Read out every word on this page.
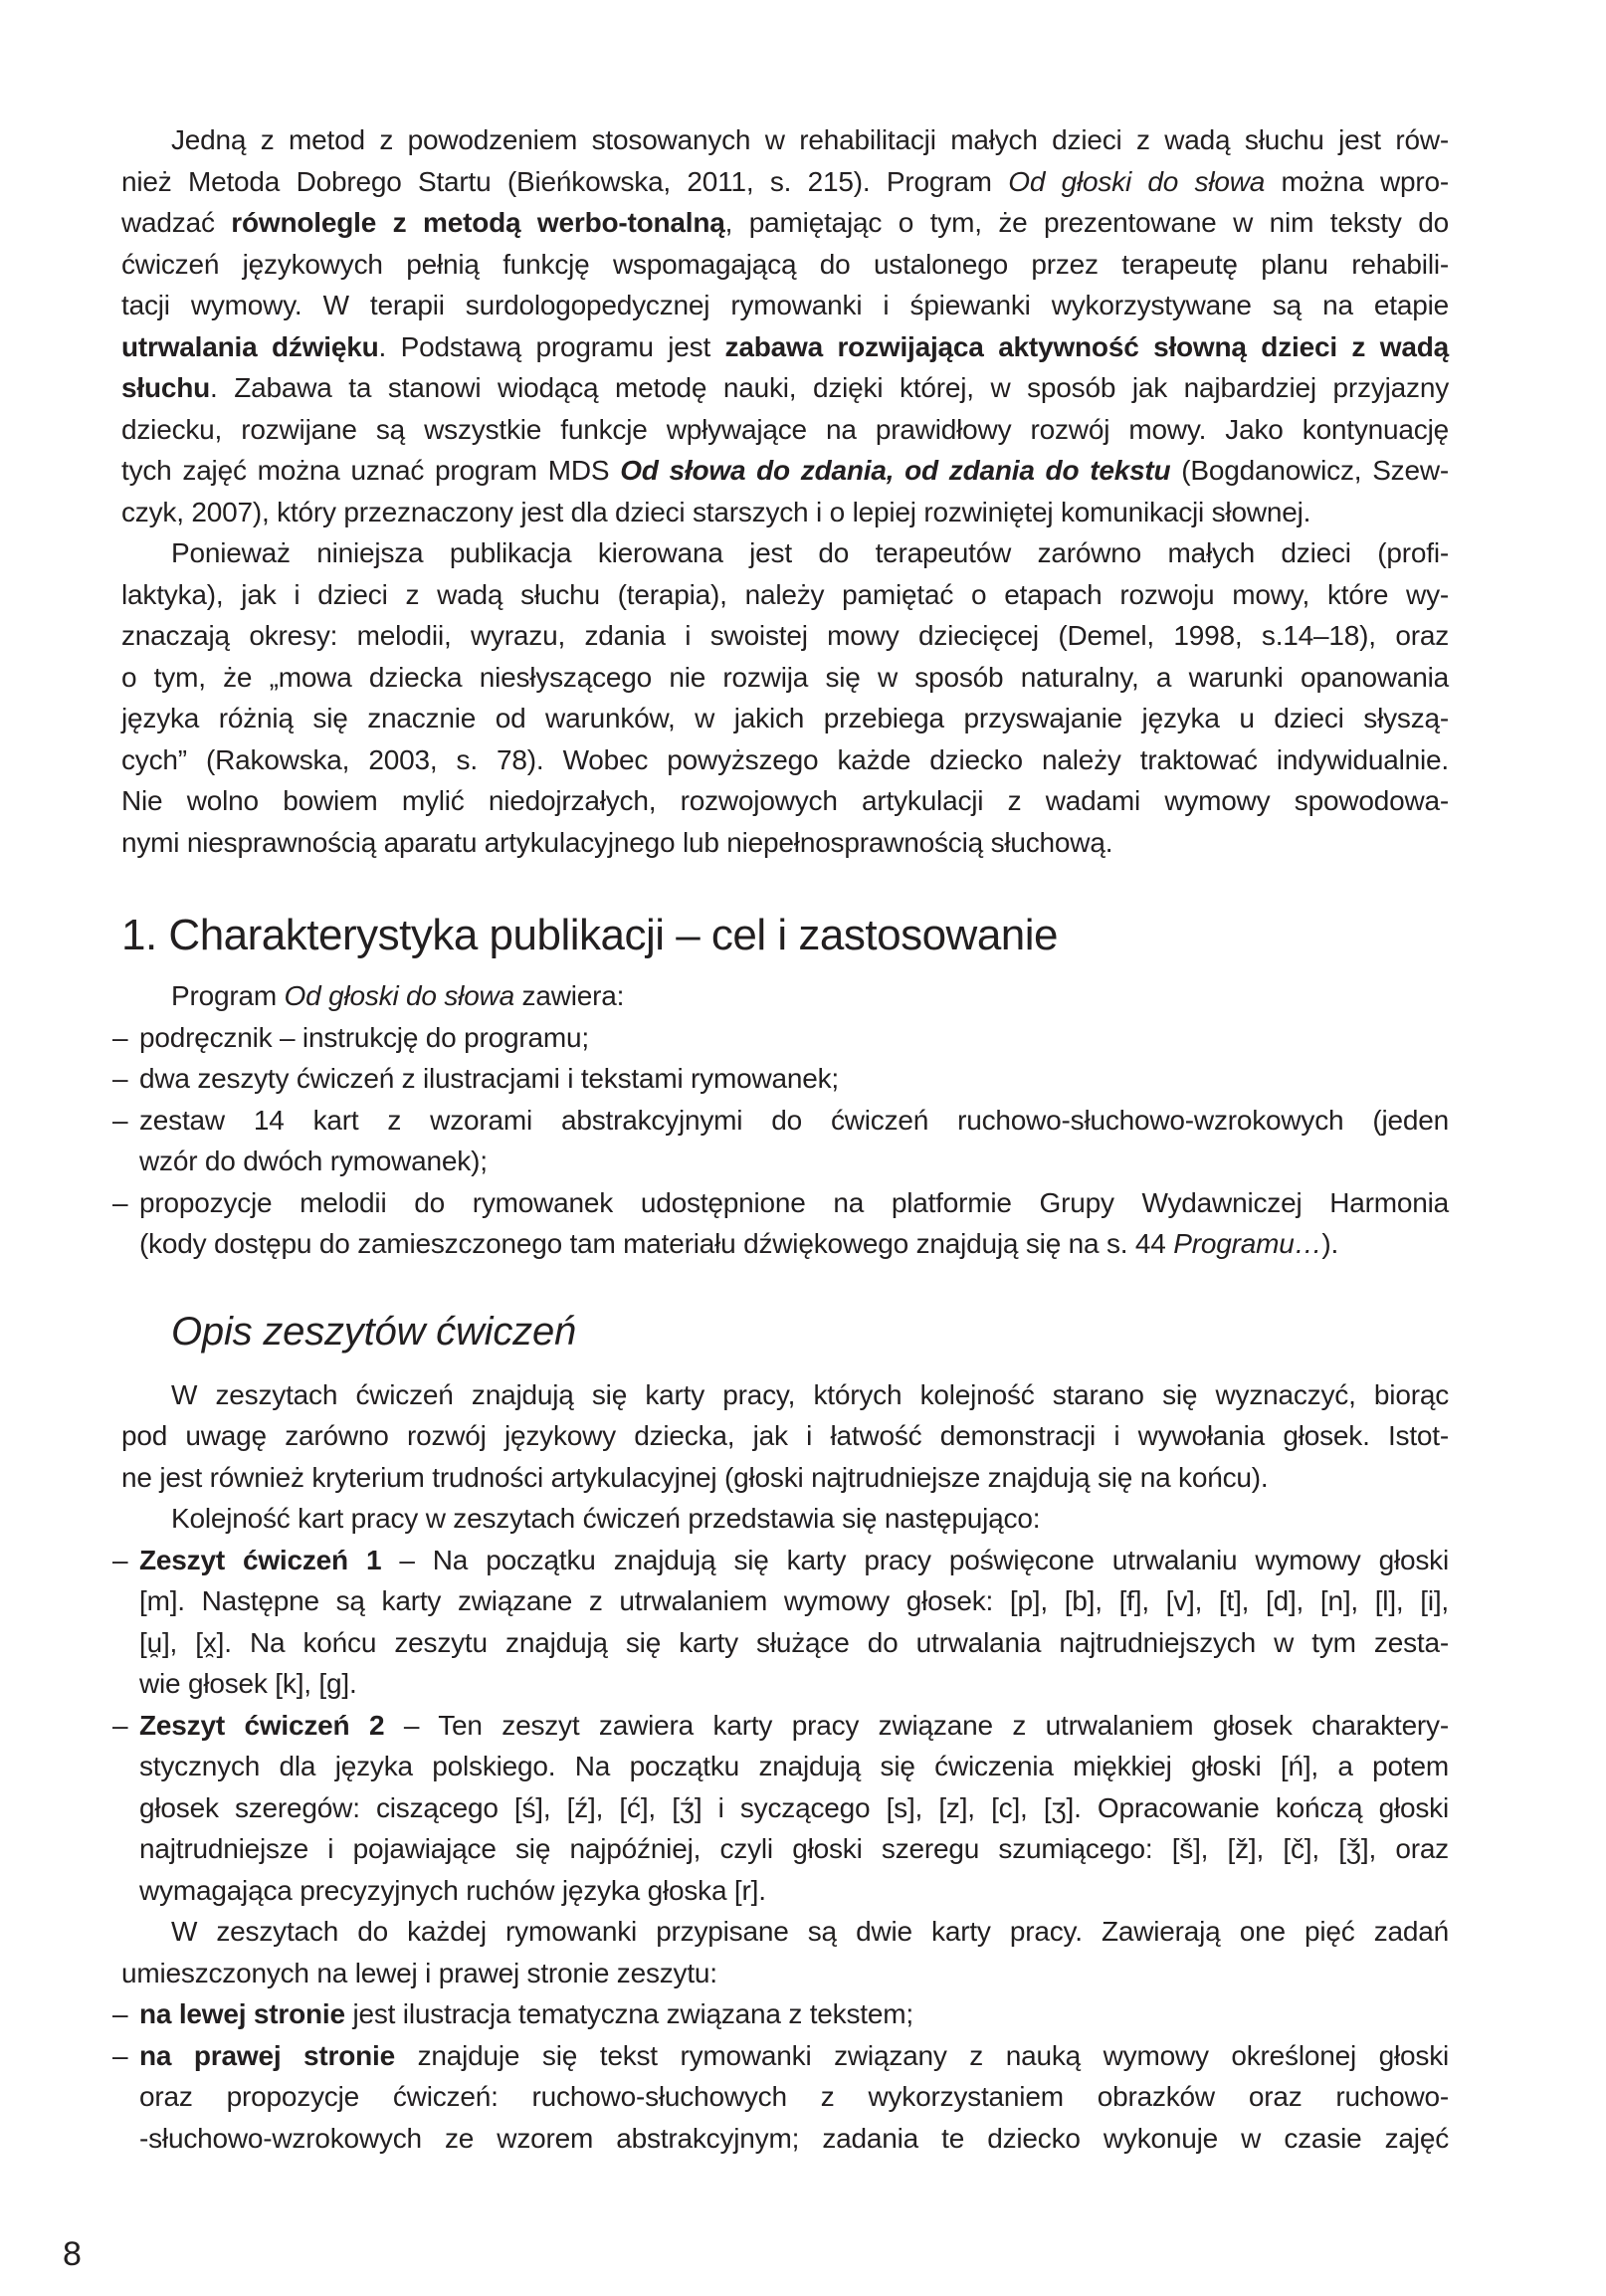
Jedną z metod z powodzeniem stosowanych w rehabilitacji małych dzieci z wadą słuchu jest rów-
nież Metoda Dobrego Startu (Bieńkowska, 2011, s. 215). Program Od głoski do słowa można wpro-
wadzać równolegle z metodą werbo-tonalną, pamiętając o tym, że prezentowane w nim teksty do
ćwiczeń językowych pełnią funkcję wspomagającą do ustalonego przez terapeutę planu rehabili-
tacji wymowy. W terapii surdologopedycznej rymowanki i śpiewanki wykorzystywane są na etapie
utrwalania dźwięku. Podstawą programu jest zabawa rozwijająca aktywność słowną dzieci z wadą
słuchu. Zabawa ta stanowi wiodącą metodę nauki, dzięki której, w sposób jak najbardziej przyjazny
dziecku, rozwijane są wszystkie funkcje wpływające na prawidłowy rozwój mowy. Jako kontynuację
tych zajęć można uznać program MDS Od słowa do zdania, od zdania do tekstu (Bogdanowicz, Szew-
czyk, 2007), który przeznaczony jest dla dzieci starszych i o lepiej rozwiniętej komunikacji słownej.
Ponieważ niniejsza publikacja kierowana jest do terapeutów zarówno małych dzieci (profi-
laktyka), jak i dzieci z wadą słuchu (terapia), należy pamiętać o etapach rozwoju mowy, które wy-
znaczają okresy: melodii, wyrazu, zdania i swoistej mowy dziecięcej (Demel, 1998, s.14–18), oraz
o tym, że „mowa dziecka niesłyszącego nie rozwija się w sposób naturalny, a warunki opanowania
języka różnią się znacznie od warunków, w jakich przebiega przyswajanie języka u dzieci słyszą-
cych” (Rakowska, 2003, s. 78). Wobec powyższego każde dziecko należy traktować indywidualnie.
Nie wolno bowiem mylić niedojrzałych, rozwojowych artykulacji z wadami wymowy spowodowa-
nymi niesprawnością aparatu artykulacyjnego lub niepełnosprawnością słuchową.
1. Charakterystyka publikacji – cel i zastosowanie
Program Od głoski do słowa zawiera:
– podręcznik – instrukcję do programu;
– dwa zeszyty ćwiczeń z ilustracjami i tekstami rymowanek;
– zestaw 14 kart z wzorami abstrakcyjnymi do ćwiczeń ruchowo-słuchowo-wzrokowych (jeden
wzór do dwóch rymowanek);
– propozycje melodii do rymowanek udostępnione na platformie Grupy Wydawniczej Harmonia
(kody dostępu do zamieszczonego tam materiału dźwiękowego znajdują się na s. 44 Programu…).
Opis zeszytów ćwiczeń
W zeszytach ćwiczeń znajdują się karty pracy, których kolejność starano się wyznaczyć, biorąc
pod uwagę zarówno rozwój językowy dziecka, jak i łatwość demonstracji i wywołania głosek. Istot-
ne jest również kryterium trudności artykulacyjnej (głoski najtrudniejsze znajdują się na końcu).
Kolejność kart pracy w zeszytach ćwiczeń przedstawia się następująco:
– Zeszyt ćwiczeń 1 – Na początku znajdują się karty pracy poświęcone utrwalaniu wymowy głoski
[m]. Następne są karty związane z utrwalaniem wymowy głosek: [p], [b], [f], [v], [t], [d], [n], [l], [i],
[u̯], [x̯]. Na końcu zeszytu znajdują się karty służące do utrwalania najtrudniejszych w tym zesta-
wie głosek [k], [g].
– Zeszyt ćwiczeń 2 – Ten zeszyt zawiera karty pracy związane z utrwalaniem głosek charaktery-
stycznych dla języka polskiego. Na początku znajdują się ćwiczenia miękkiej głoski [ń], a potem
głosek szeregów: ciszącego [ś], [ź], [ć], [ʒ́] i syczącego [s], [z], [c], [ʒ]. Opracowanie kończą głoski
najtrudniejsze i pojawiające się najpóźniej, czyli głoski szeregu szumiącego: [š], [ž], [č], [ǯ], oraz
wymagająca precyzyjnych ruchów języka głoska [r].
W zeszytach do każdej rymowanki przypisane są dwie karty pracy. Zawierają one pięć zadań
umieszczonych na lewej i prawej stronie zeszytu:
– na lewej stronie jest ilustracja tematyczna związana z tekstem;
– na prawej stronie znajduje się tekst rymowanki związany z nauką wymowy określonej głoski
oraz propozycje ćwiczeń: ruchowo-słuchowych z wykorzystaniem obrazków oraz ruchowo-
-słuchowo-wzrokowych ze wzorem abstrakcyjnym; zadania te dziecko wykonuje w czasie zajęć
8
